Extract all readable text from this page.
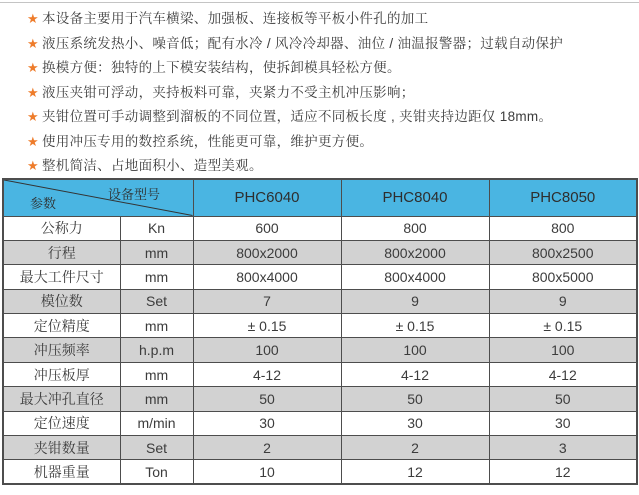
★ 本设备主要用于汽车横梁、加强板、连接板等平板小件孔的加工
★ 液压系统发热小、噪音低；配有水冷 / 风冷冷却器、油位 / 油温报警器；过载自动保护
★ 换模方便：独特的上下模安装结构，使拆卸模具轻松方便。
★ 液压夹钳可浮动，夹持板料可靠，夹紧力不受主机冲压影响；
★ 夹钳位置可手动调整到溜板的不同位置，适应不同板长度 , 夹钳夹持边距仅 18mm。
★ 使用冲压专用的数控系统，性能更可靠，维护更方便。
★ 整机简洁、占地面积小、造型美观。
设备型号
参数		PHC6040	PHC8040	PHC8050
公称力	Kn	600	800	800
行程	mm	800x2000	800x2000	800x2500
最大工件尺寸	mm	800x4000	800x4000	800x5000
模位数	Set	7	9	9
定位精度	mm	± 0.15	± 0.15	± 0.15
冲压频率	h.p.m	100	100	100
冲压板厚	mm	4-12	4-12	4-12
最大冲孔直径	mm	50	50	50
定位速度	m/min	30	30	30
夹钳数量	Set	2	2	3
机器重量	Ton	10	12	12
